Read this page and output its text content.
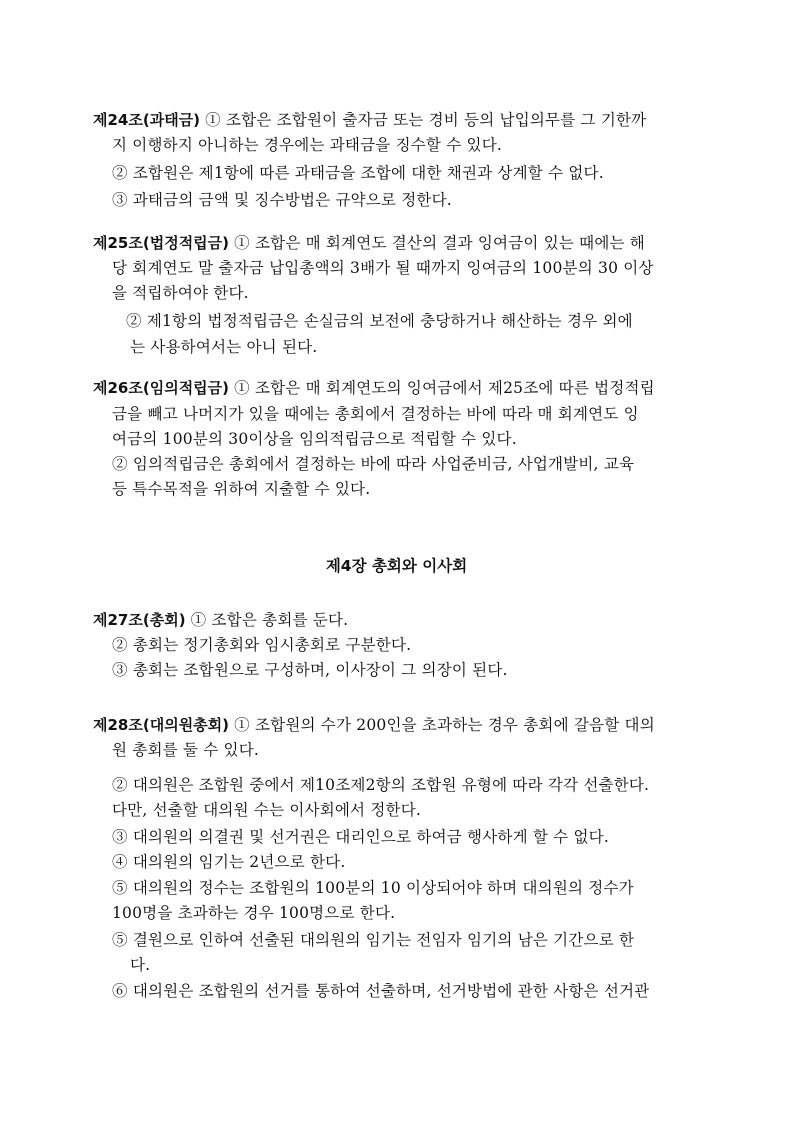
제24조(과태금) ① 조합은 조합원이 출자금 또는 경비 등의 납입의무를 그 기한까
지 이행하지 아니하는 경우에는 과태금을 징수할 수 있다.
② 조합원은 제1항에 따른 과태금을 조합에 대한 채권과 상계할 수 없다.
③ 과태금의 금액 및 징수방법은 규약으로 정한다.
제25조(법정적립금) ① 조합은 매 회계연도 결산의 결과 잉여금이 있는 때에는 해
당 회계연도 말 출자금 납입총액의 3배가 될 때까지 잉여금의 100분의 30 이상
을 적립하여야 한다.
② 제1항의 법정적립금은 손실금의 보전에 충당하거나 해산하는 경우 외에
는 사용하여서는 아니 된다.
제26조(임의적립금) ① 조합은 매 회계연도의 잉여금에서 제25조에 따른 법정적립
금을 빼고 나머지가 있을 때에는 총회에서 결정하는 바에 따라 매 회계연도 잉
여금의 100분의 30이상을 임의적립금으로 적립할 수 있다.
② 임의적립금은 총회에서 결정하는 바에 따라 사업준비금, 사업개발비, 교육
등 특수목적을 위하여 지출할 수 있다.
제4장 총회와 이사회
제27조(총회) ① 조합은 총회를 둔다.
② 총회는 정기총회와 임시총회로 구분한다.
③ 총회는 조합원으로 구성하며, 이사장이 그 의장이 된다.
제28조(대의원총회) ① 조합원의 수가 200인을 초과하는 경우 총회에 갈음할 대의
원 총회를 둘 수 있다.
② 대의원은 조합원 중에서 제10조제2항의 조합원 유형에 따라 각각 선출한다.
다만, 선출할 대의원 수는 이사회에서 정한다.
③ 대의원의 의결권 및 선거권은 대리인으로 하여금 행사하게 할 수 없다.
④ 대의원의 임기는 2년으로 한다.
⑤ 대의원의 정수는 조합원의 100분의 10 이상되어야 하며 대의원의 정수가
100명을 초과하는 경우 100명으로 한다.
⑤ 결원으로 인하여 선출된 대의원의 임기는 전임자 임기의 남은 기간으로 한
다.
⑥ 대의원은 조합원의 선거를 통하여 선출하며, 선거방법에 관한 사항은 선거관
